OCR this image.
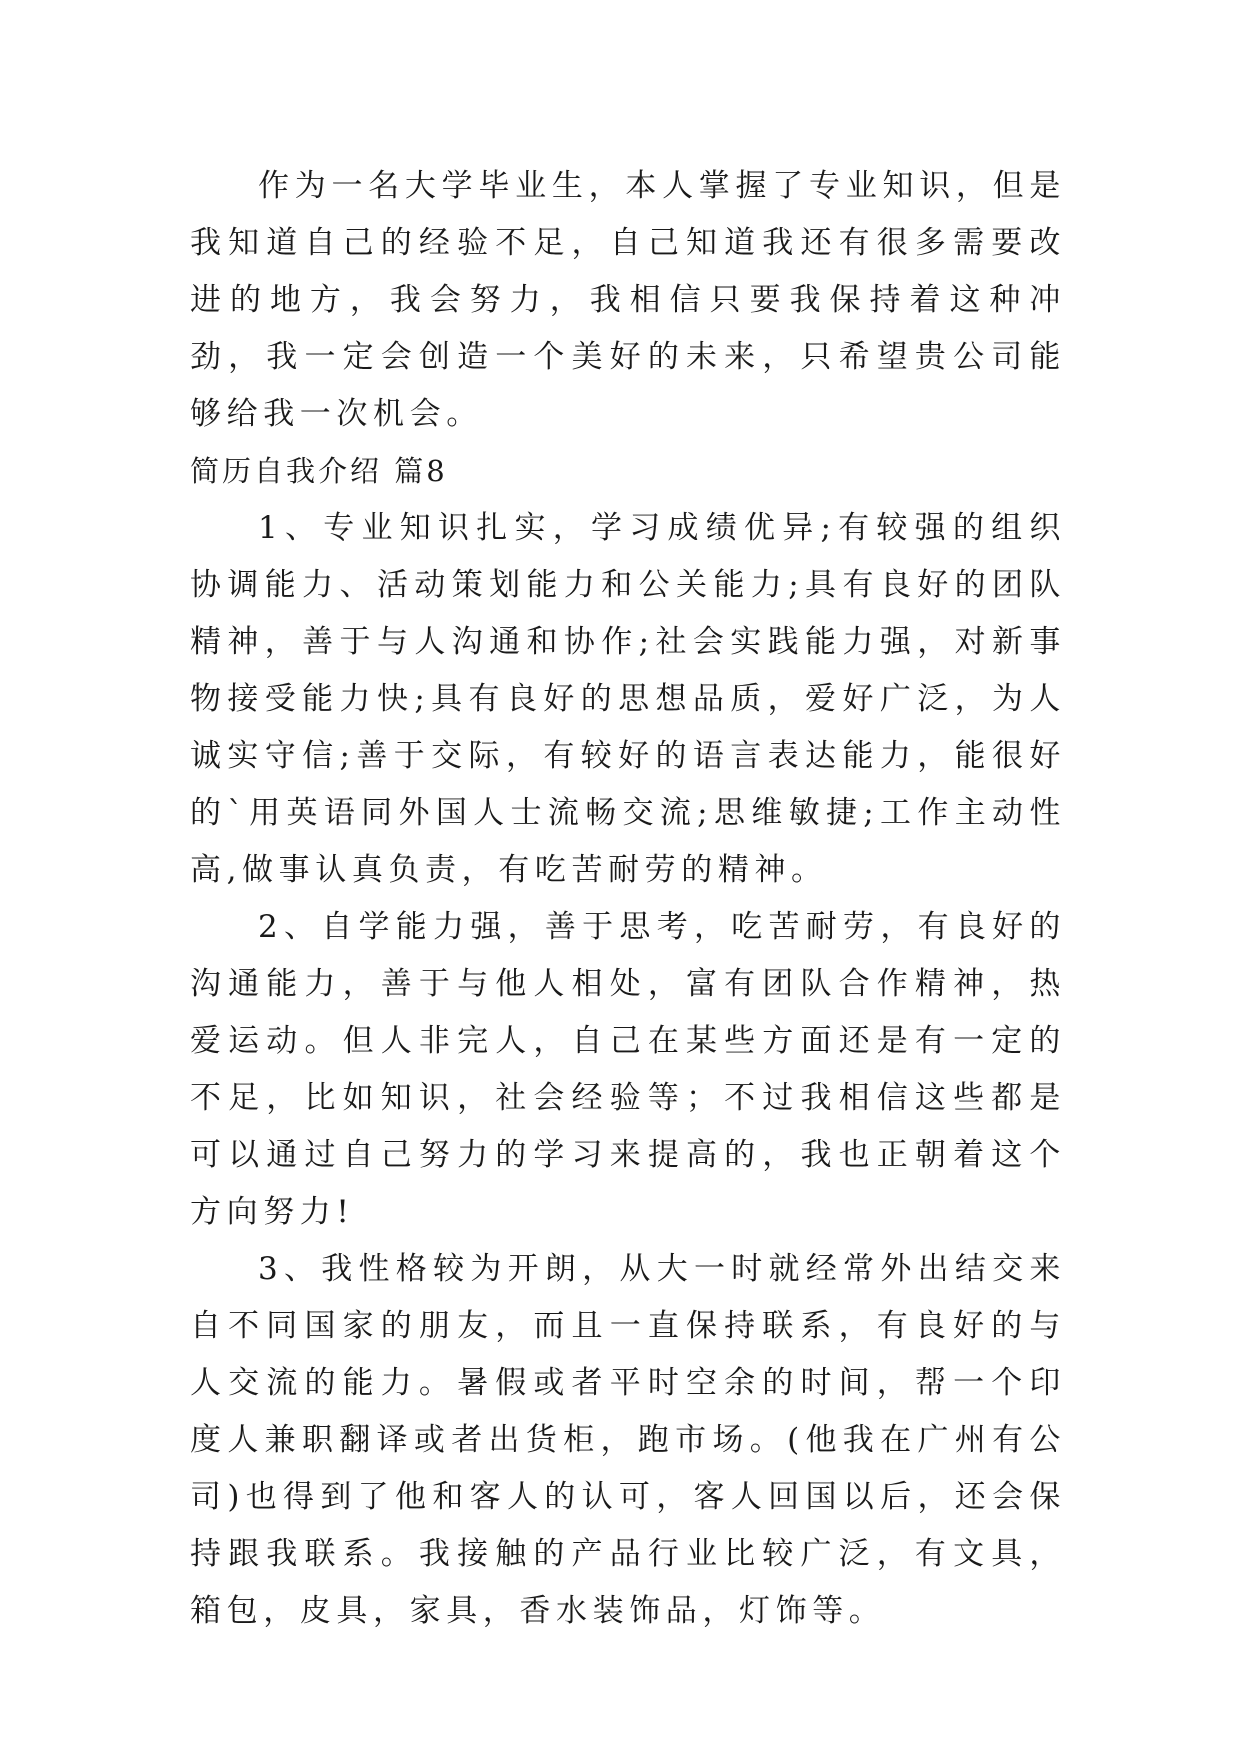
作为一名大学毕业生，本人掌握了专业知识，但是我知道自己的经验不足，自己知道我还有很多需要改进的地方，我会努力，我相信只要我保持着这种冲劲，我一定会创造一个美好的未来，只希望贵公司能够给我一次机会。

简历自我介绍 篇8

1、专业知识扎实，学习成绩优异;有较强的组织协调能力、活动策划能力和公关能力;具有良好的团队精神，善于与人沟通和协作;社会实践能力强，对新事物接受能力快;具有良好的思想品质，爱好广泛，为人诚实守信;善于交际，有较好的语言表达能力，能很好的`用英语同外国人士流畅交流;思维敏捷;工作主动性高,做事认真负责，有吃苦耐劳的精神。

2、自学能力强，善于思考，吃苦耐劳，有良好的沟通能力，善于与他人相处，富有团队合作精神，热爱运动。但人非完人，自己在某些方面还是有一定的不足，比如知识，社会经验等；不过我相信这些都是可以通过自己努力的学习来提高的，我也正朝着这个方向努力!

3、我性格较为开朗，从大一时就经常外出结交来自不同国家的朋友，而且一直保持联系，有良好的与人交流的能力。暑假或者平时空余的时间，帮一个印度人兼职翻译或者出货柜，跑市场。(他我在广州有公司)也得到了他和客人的认可，客人回国以后，还会保持跟我联系。我接触的产品行业比较广泛，有文具，箱包，皮具，家具，香水装饰品，灯饰等。
